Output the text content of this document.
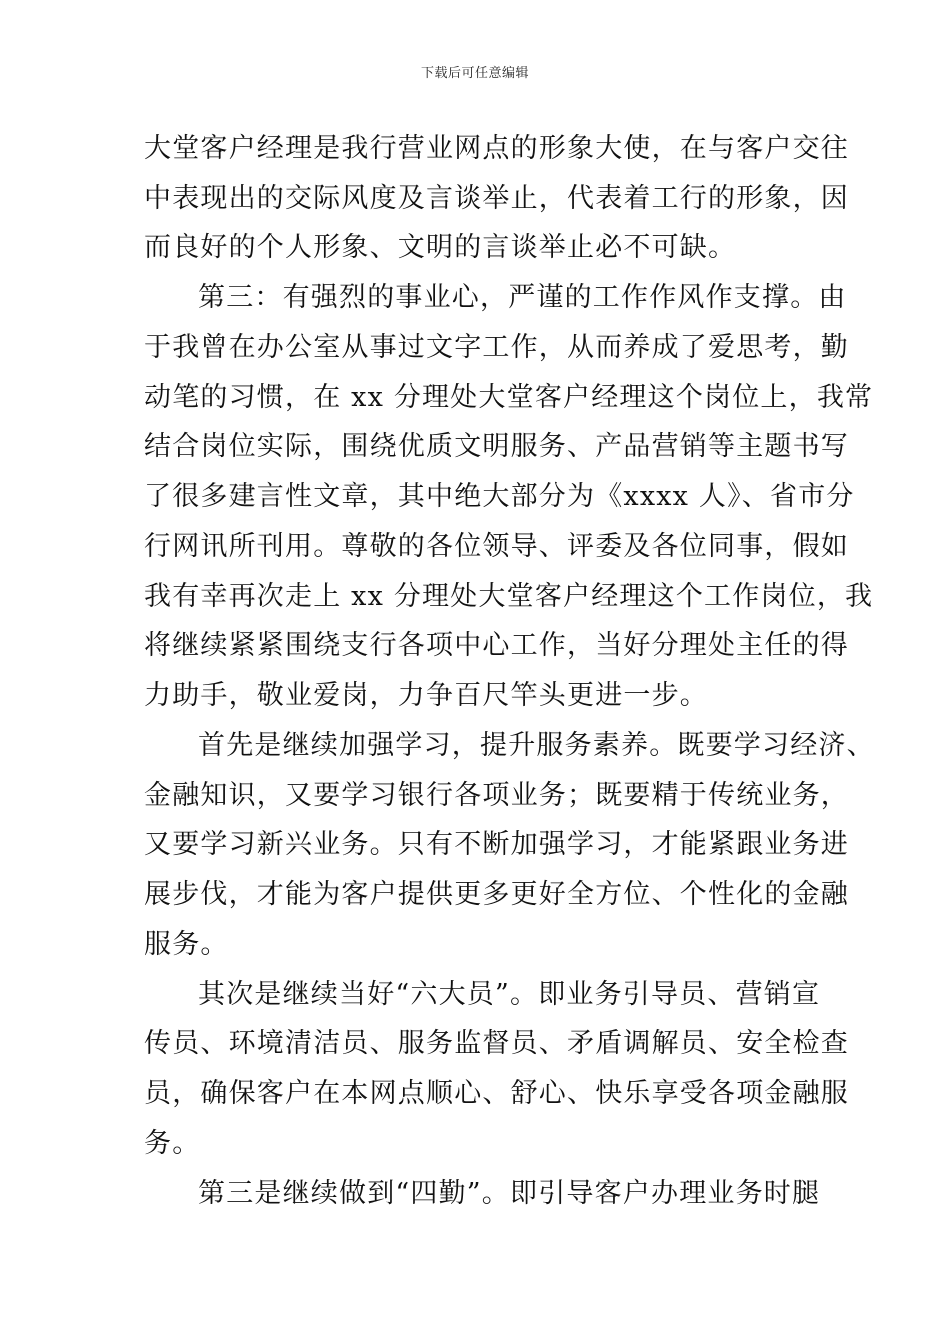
下载后可任意编辑
大堂客户经理是我行营业网点的形象大使，在与客户交往
中表现出的交际风度及言谈举止，代表着工行的形象，因
而良好的个人形象、文明的言谈举止必不可缺。
第三：有强烈的事业心，严谨的工作作风作支撑。由
于我曾在办公室从事过文字工作，从而养成了爱思考，勤
动笔的习惯，在 xx 分理处大堂客户经理这个岗位上，我常
结合岗位实际，围绕优质文明服务、产品营销等主题书写
了很多建言性文章，其中绝大部分为《xxxx 人》、省市分
行网讯所刊用。尊敬的各位领导、评委及各位同事，假如
我有幸再次走上 xx 分理处大堂客户经理这个工作岗位，我
将继续紧紧围绕支行各项中心工作，当好分理处主任的得
力助手，敬业爱岗，力争百尺竿头更进一步。
首先是继续加强学习，提升服务素养。既要学习经济、
金融知识，又要学习银行各项业务；既要精于传统业务，
又要学习新兴业务。只有不断加强学习，才能紧跟业务进
展步伐，才能为客户提供更多更好全方位、个性化的金融
服务。
其次是继续当好“六大员”。即业务引导员、营销宣
传员、环境清洁员、服务监督员、矛盾调解员、安全检查
员，确保客户在本网点顺心、舒心、快乐享受各项金融服
务。
第三是继续做到“四勤”。即引导客户办理业务时腿
